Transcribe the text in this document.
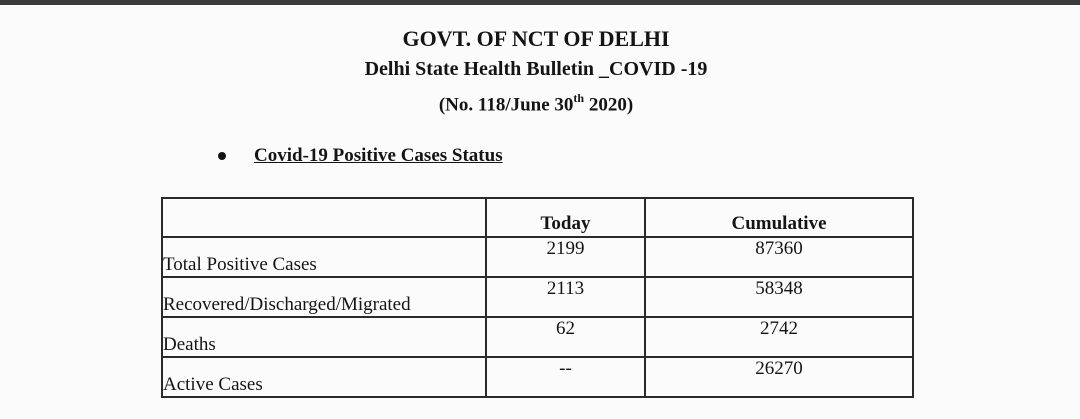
GOVT. OF NCT OF DELHI
Delhi State Health Bulletin _COVID -19
(No. 118/June 30th 2020)
Covid-19 Positive Cases Status
	Today	Cumulative
Total Positive Cases	2199	87360
Recovered/Discharged/Migrated	2113	58348
Deaths	62	2742
Active Cases	--	26270
